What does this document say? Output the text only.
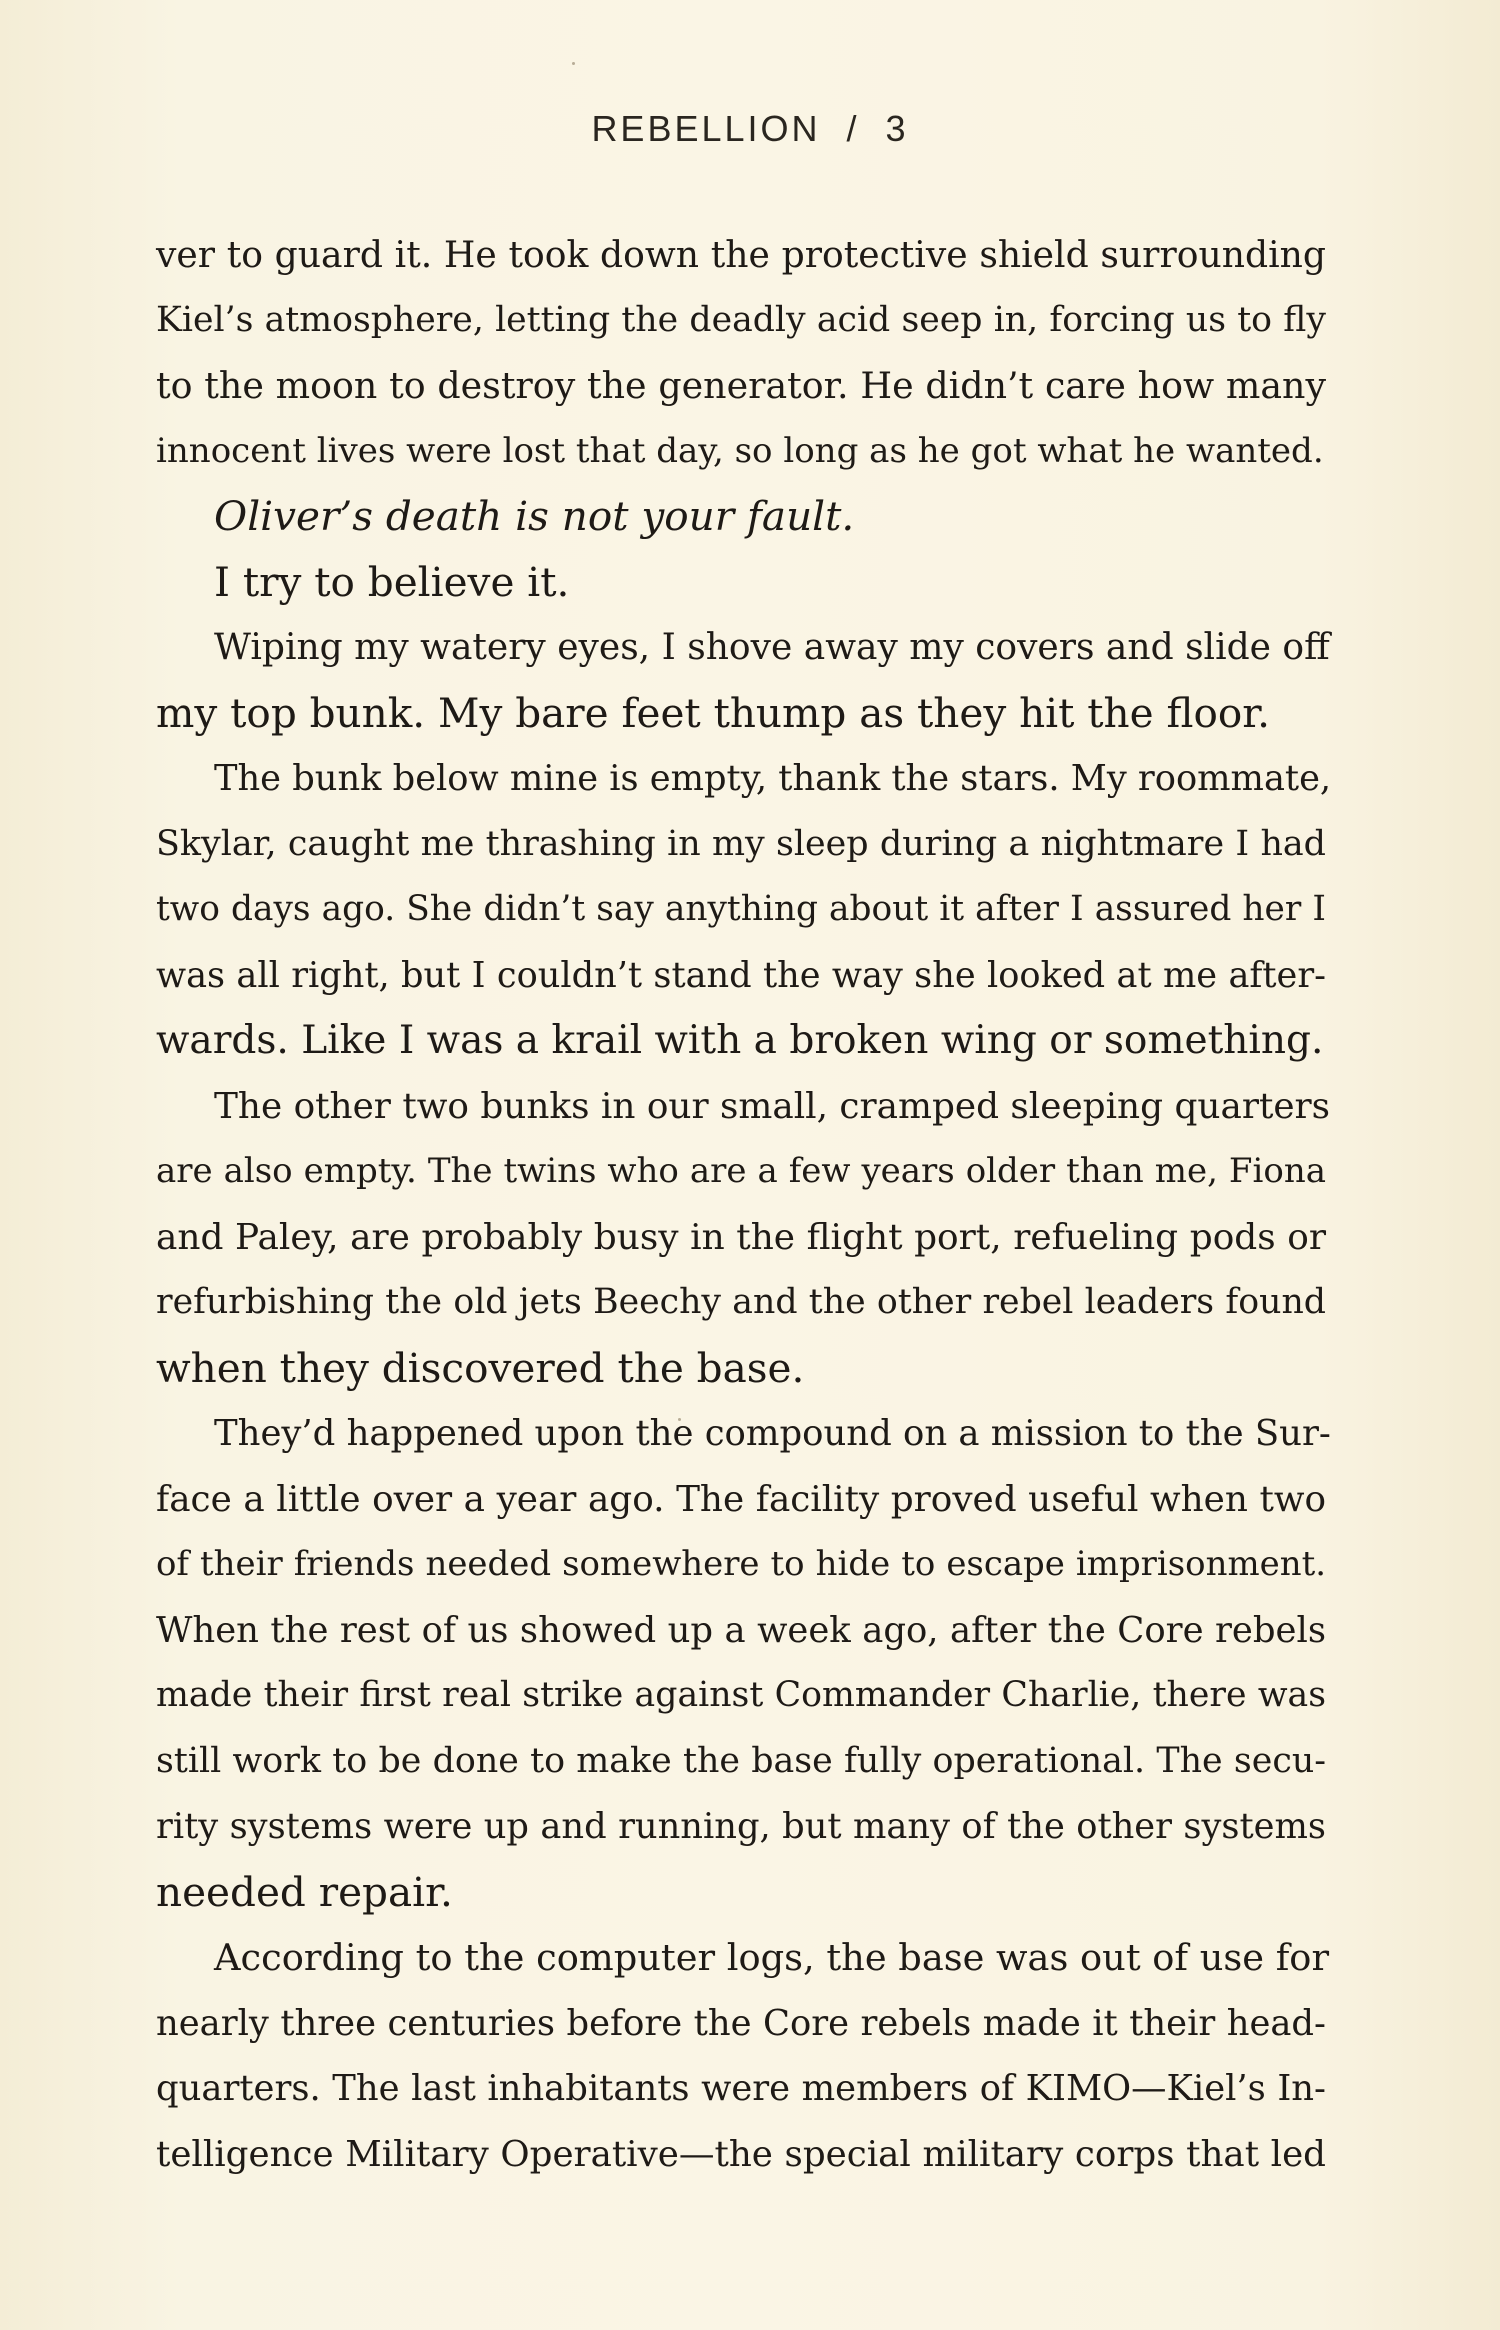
REBELLION / 3
ver to guard it. He took down the protective shield surrounding
Kiel’s atmosphere, letting the deadly acid seep in, forcing us to fly
to the moon to destroy the generator. He didn’t care how many
innocent lives were lost that day, so long as he got what he wanted.
Oliver’s death is not your fault.
I try to believe it.
Wiping my watery eyes, I shove away my covers and slide off
my top bunk. My bare feet thump as they hit the floor.
The bunk below mine is empty, thank the stars. My roommate,
Skylar, caught me thrashing in my sleep during a nightmare I had
two days ago. She didn’t say anything about it after I assured her I
was all right, but I couldn’t stand the way she looked at me after-
wards. Like I was a krail with a broken wing or something.
The other two bunks in our small, cramped sleeping quarters
are also empty. The twins who are a few years older than me, Fiona
and Paley, are probably busy in the flight port, refueling pods or
refurbishing the old jets Beechy and the other rebel leaders found
when they discovered the base.
They’d happened upon the compound on a mission to the Sur-
face a little over a year ago. The facility proved useful when two
of their friends needed somewhere to hide to escape imprisonment.
When the rest of us showed up a week ago, after the Core rebels
made their first real strike against Commander Charlie, there was
still work to be done to make the base fully operational. The secu-
rity systems were up and running, but many of the other systems
needed repair.
According to the computer logs, the base was out of use for
nearly three centuries before the Core rebels made it their head-
quarters. The last inhabitants were members of KIMO—Kiel’s In-
telligence Military Operative—the special military corps that led
